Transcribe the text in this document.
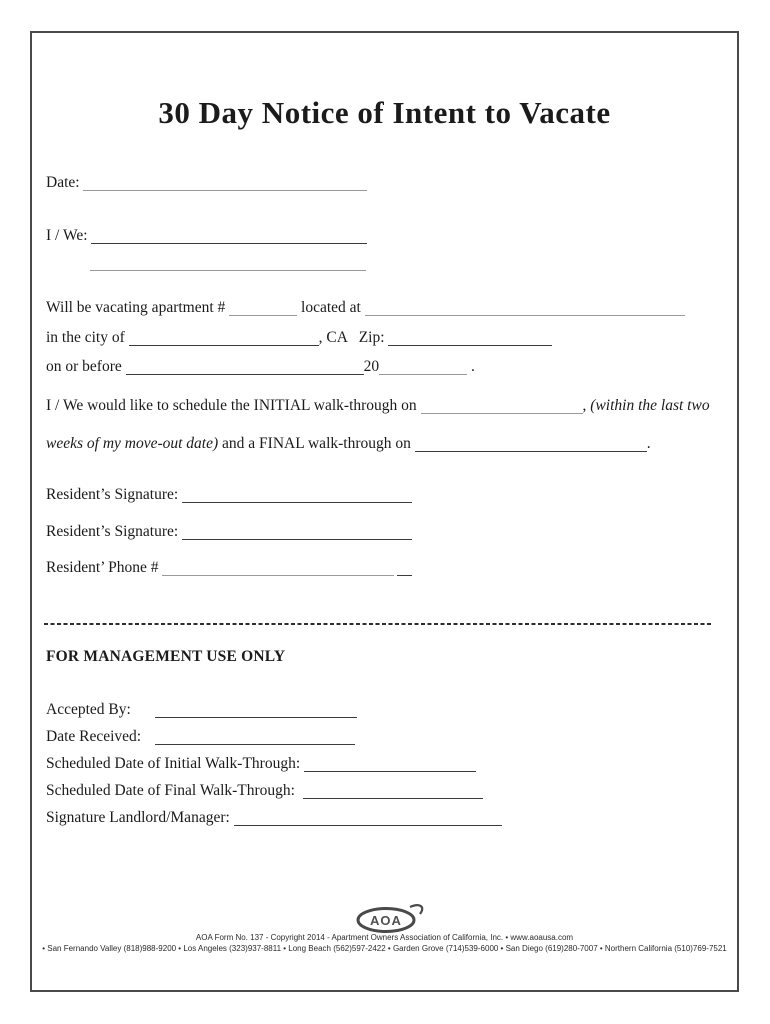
30 Day Notice of Intent to Vacate
Date:
I / We:
Will be vacating apartment #	located at
in the city of	, CA   Zip:
on or before	20	.
I / We would like to schedule the INITIAL walk-through on	, (within the last two
weeks of my move-out date) and a FINAL walk-through on	.
Resident’s Signature:
Resident’s Signature:
Resident’ Phone #
FOR MANAGEMENT USE ONLY
Accepted By:
Date Received:
Scheduled Date of Initial Walk-Through:
Scheduled Date of Final Walk-Through:
Signature Landlord/Manager:
AOA
AOA Form No. 137 - Copyright 2014 - Apartment Owners Association of California, Inc. • www.aoausa.com
• San Fernando Valley (818)988-9200 • Los Angeles (323)937-8811 • Long Beach (562)597-2422 • Garden Grove (714)539-6000 • San Diego (619)280-7007 • Northern California (510)769-7521
